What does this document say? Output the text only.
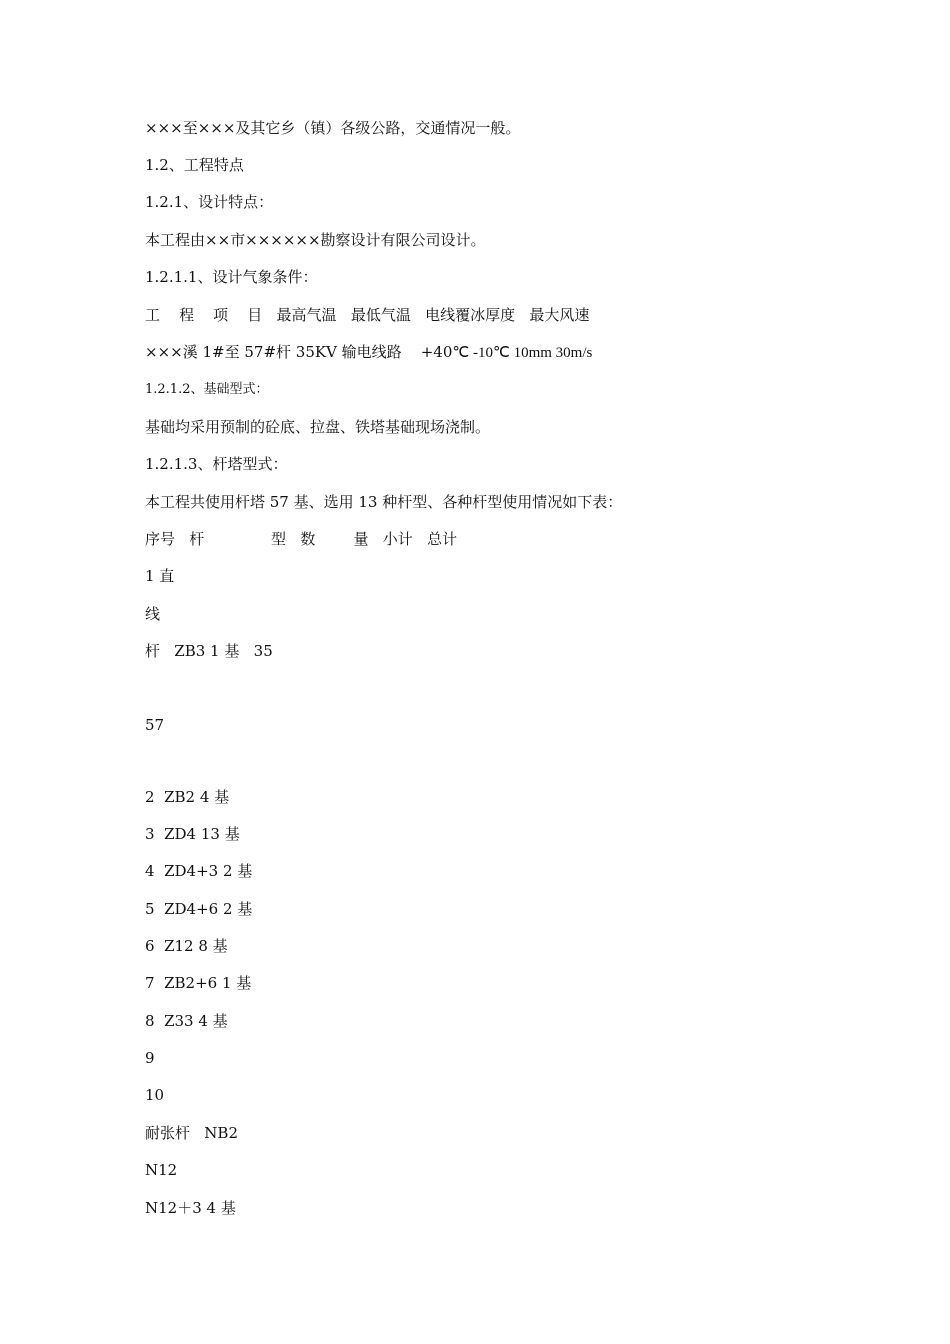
×××至×××及其它乡（镇）各级公路，交通情况一般。
1.2、工程特点
1.2.1、设计特点：
本工程由××市××××××勘察设计有限公司设计。
1.2.1.1、设计气象条件：
工    程    项    目   最高气温   最低气温   电线覆冰厚度   最大风速
×××溪 1#至 57#杆 35KV 输电线路    +40℃ -10℃ 10mm 30m/s
1.2.1.2、基础型式：
基础均采用预制的砼底、拉盘、铁塔基础现场浇制。
1.2.1.3、杆塔型式：
本工程共使用杆塔 57 基、选用 13 种杆型、各种杆型使用情况如下表：
序号   杆              型   数        量   小计   总计
1 直
线
杆   ZB3 1 基   35
57
2  ZB2 4 基
3  ZD4 13 基
4  ZD4+3 2 基
5  ZD4+6 2 基
6  Z12 8 基
7  ZB2+6 1 基
8  Z33 4 基
9
10
耐张杆   NB2
N12
N12＋3 4 基
